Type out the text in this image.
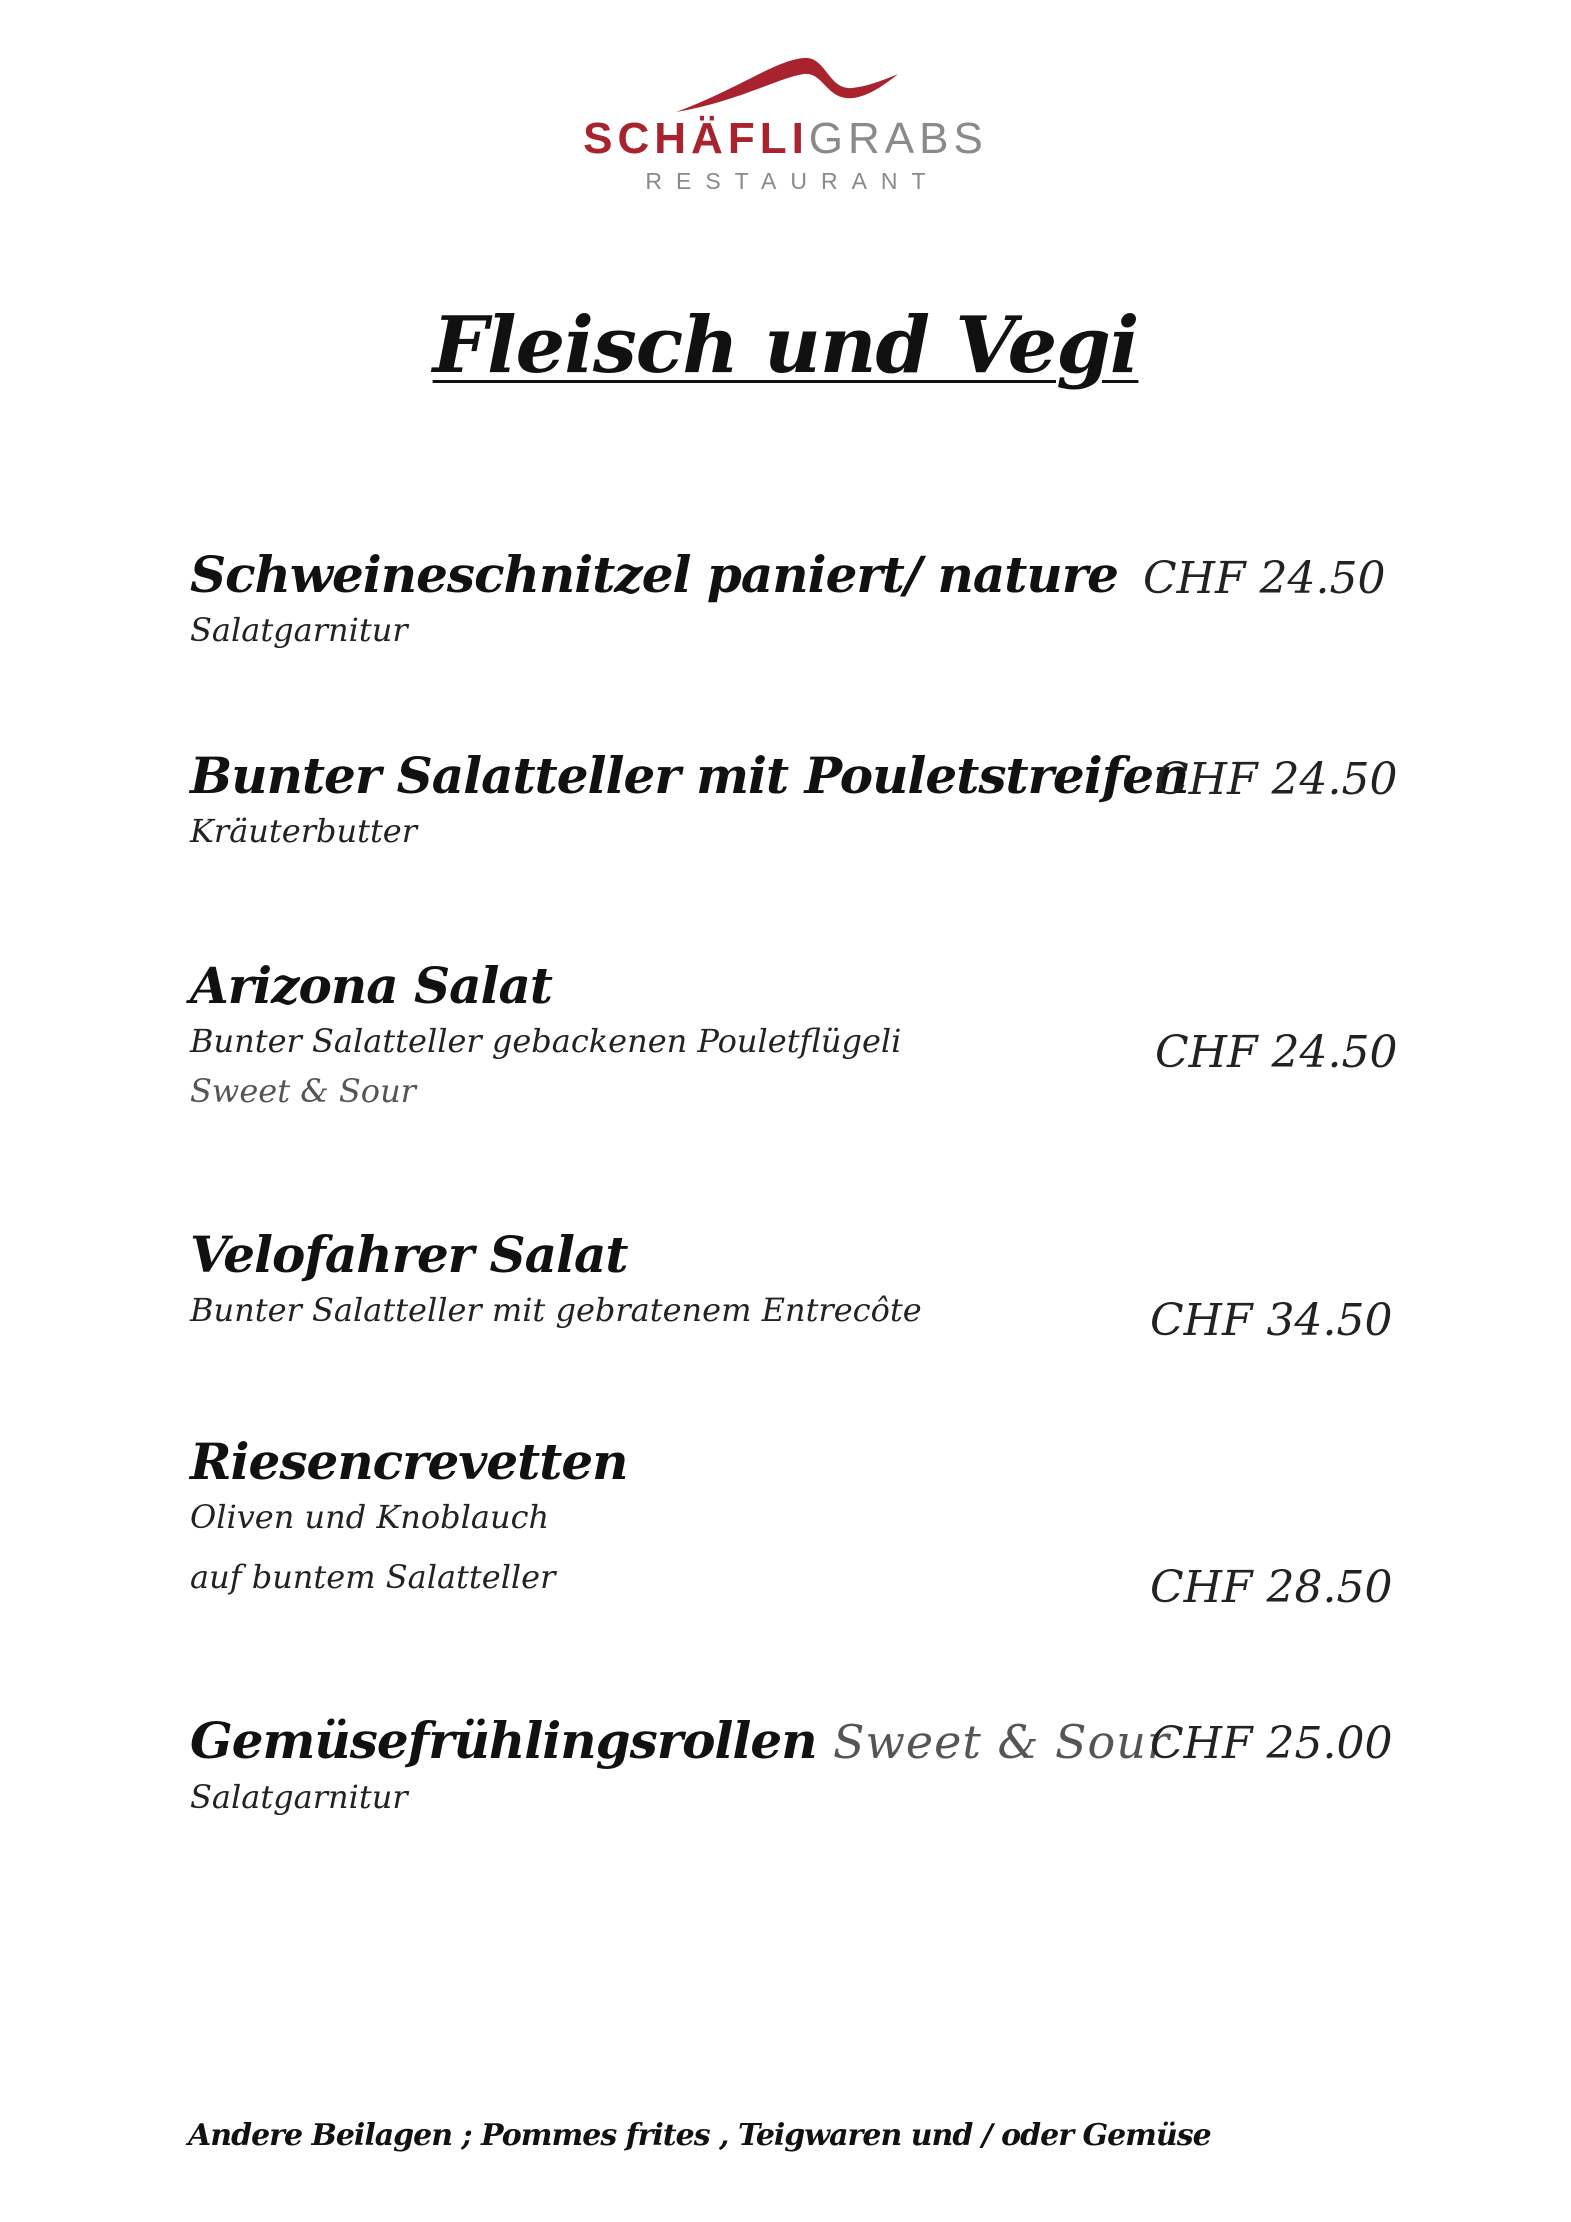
SCHÄFLIGRABS
RESTAURANT
Fleisch und Vegi
Schweineschnitzel paniert/ nature
Salatgarnitur
CHF 24.50
Bunter Salatteller mit Pouletstreifen
Kräuterbutter
CHF 24.50
Arizona Salat
Bunter Salatteller gebackenen Pouletflügeli
Sweet & Sour
CHF 24.50
Velofahrer Salat
Bunter Salatteller mit gebratenem Entrecôte	CHF 34.50
Riesencrevetten
Oliven und Knoblauch
auf buntem Salatteller	CHF 28.50
Gemüsefrühlingsrollen Sweet & Sour
Salatgarnitur
CHF 25.00
Andere Beilagen ; Pommes frites , Teigwaren und / oder Gemüse
